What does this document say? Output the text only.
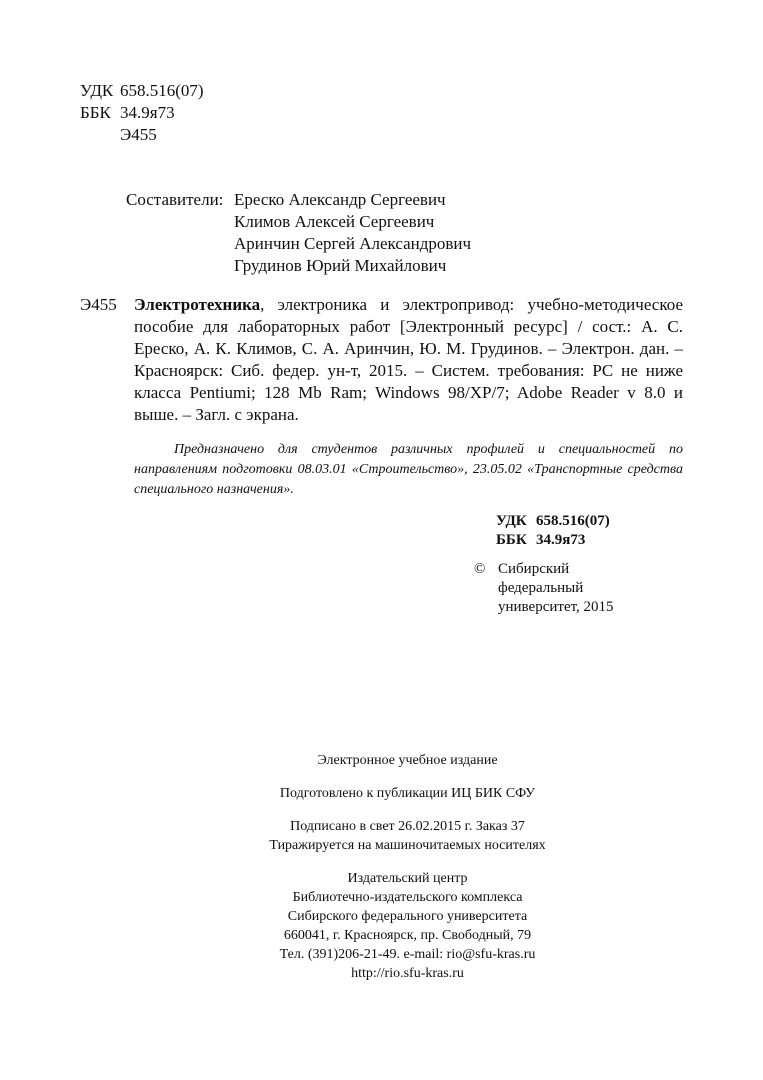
УДК 658.516(07)
ББК 34.9я73
Э455
Составители: Ереско Александр Сергеевич
Климов Алексей Сергеевич
Аринчин Сергей Александрович
Грудинов Юрий Михайлович
Э455 Электротехника, электроника и электропривод: учебно-методическое пособие для лабораторных работ [Электронный ресурс] / сост.: А. С. Ереско, А. К. Климов, С. А. Аринчин, Ю. М. Грудинов. – Электрон. дан. – Красноярск: Сиб. федер. ун-т, 2015. – Систем. требования: PC не ниже класса Pentiumi; 128 Mb Ram; Windows 98/XP/7; Adobe Reader v 8.0 и выше. – Загл. с экрана.
Предназначено для студентов различных профилей и специальностей по направлениям подготовки 08.03.01 «Строительство», 23.05.02 «Транспортные средства специального назначения».
УДК 658.516(07)
ББК 34.9я73
© Сибирский
федеральный
университет, 2015
Электронное учебное издание
Подготовлено к публикации ИЦ БИК СФУ
Подписано в свет 26.02.2015 г. Заказ 37
Тиражируется на машиночитаемых носителях
Издательский центр
Библиотечно-издательского комплекса
Сибирского федерального университета
660041, г. Красноярск, пр. Свободный, 79
Тел. (391)206-21-49. e-mail: rio@sfu-kras.ru
http://rio.sfu-kras.ru
